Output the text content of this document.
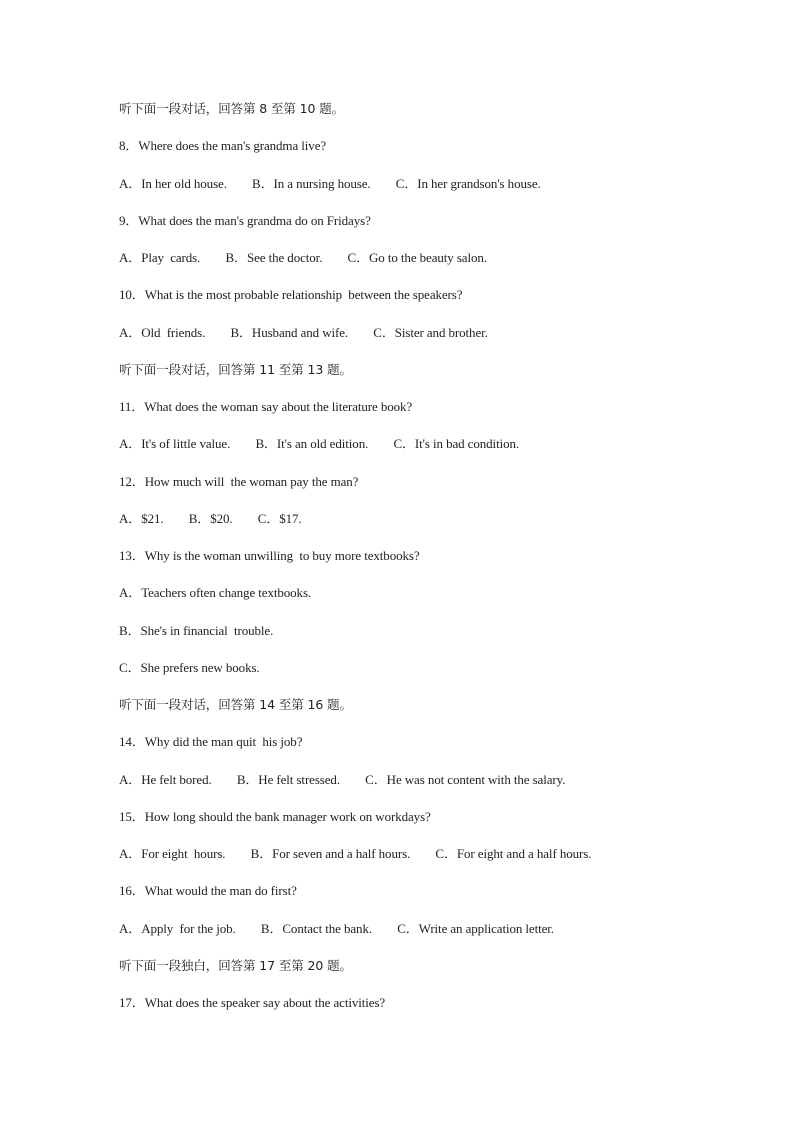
听下面一段对话，回答第 8 至第 10 题。
8．Where does the man's grandma live?
A．In her old house.        B．In a nursing house.        C．In her grandson's house.
9．What does the man's grandma do on Fridays?
A．Play  cards.        B．See the doctor.        C．Go to the beauty salon.
10．What is the most probable relationship  between the speakers?
A．Old  friends.        B．Husband and wife.        C．Sister and brother.
听下面一段对话，回答第 11 至第 13 题。
11．What does the woman say about the literature book?
A．It's of little value.        B．It's an old edition.        C．It's in bad condition.
12．How much will  the woman pay the man?
A．$21.        B．$20.        C．$17.
13．Why is the woman unwilling  to buy more textbooks?
A．Teachers often change textbooks.
B．She's in financial  trouble.
C．She prefers new books.
听下面一段对话，回答第 14 至第 16 题。
14．Why did the man quit  his job?
A．He felt bored.        B．He felt stressed.        C．He was not content with the salary.
15．How long should the bank manager work on workdays?
A．For eight  hours.        B．For seven and a half hours.        C．For eight and a half hours.
16．What would the man do first?
A．Apply  for the job.        B．Contact the bank.        C．Write an application letter.
听下面一段独白，回答第 17 至第 20 题。
17．What does the speaker say about the activities?
